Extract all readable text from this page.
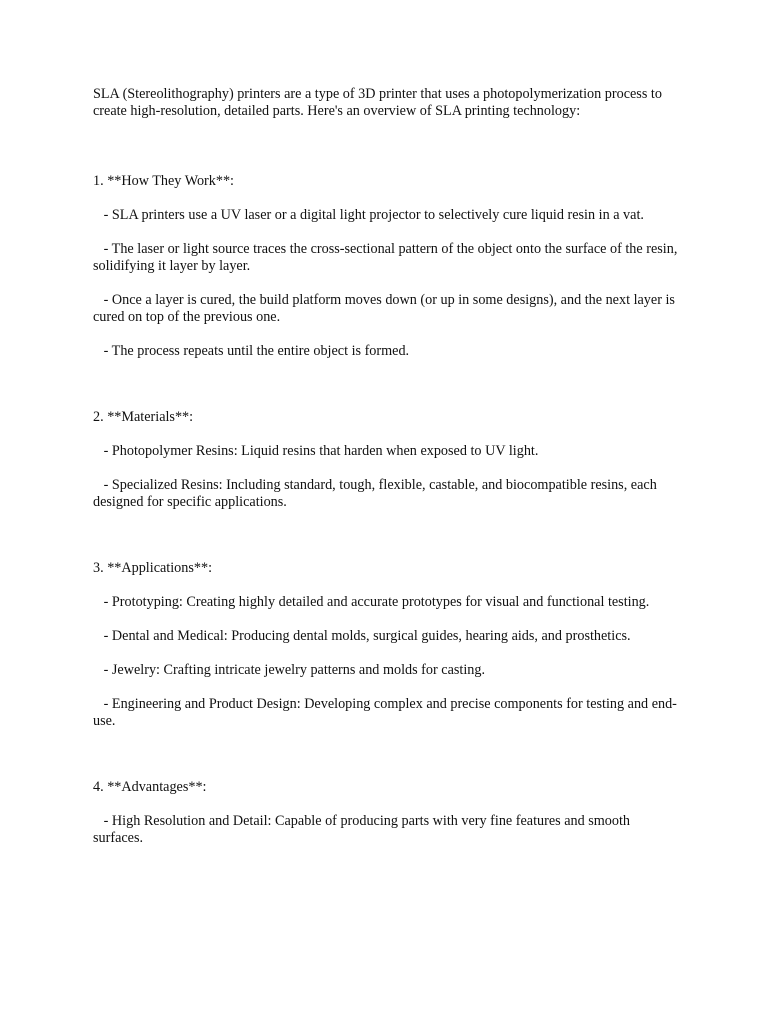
SLA (Stereolithography) printers are a type of 3D printer that uses a photopolymerization process to create high-resolution, detailed parts. Here's an overview of SLA printing technology:

1. **How They Work**:

- SLA printers use a UV laser or a digital light projector to selectively cure liquid resin in a vat.

- The laser or light source traces the cross-sectional pattern of the object onto the surface of the resin, solidifying it layer by layer.

- Once a layer is cured, the build platform moves down (or up in some designs), and the next layer is cured on top of the previous one.

- The process repeats until the entire object is formed.

2. **Materials**:

- Photopolymer Resins: Liquid resins that harden when exposed to UV light.

- Specialized Resins: Including standard, tough, flexible, castable, and biocompatible resins, each designed for specific applications.

3. **Applications**:

- Prototyping: Creating highly detailed and accurate prototypes for visual and functional testing.

- Dental and Medical: Producing dental molds, surgical guides, hearing aids, and prosthetics.

- Jewelry: Crafting intricate jewelry patterns and molds for casting.

- Engineering and Product Design: Developing complex and precise components for testing and end-use.

4. **Advantages**:

- High Resolution and Detail: Capable of producing parts with very fine features and smooth surfaces.
